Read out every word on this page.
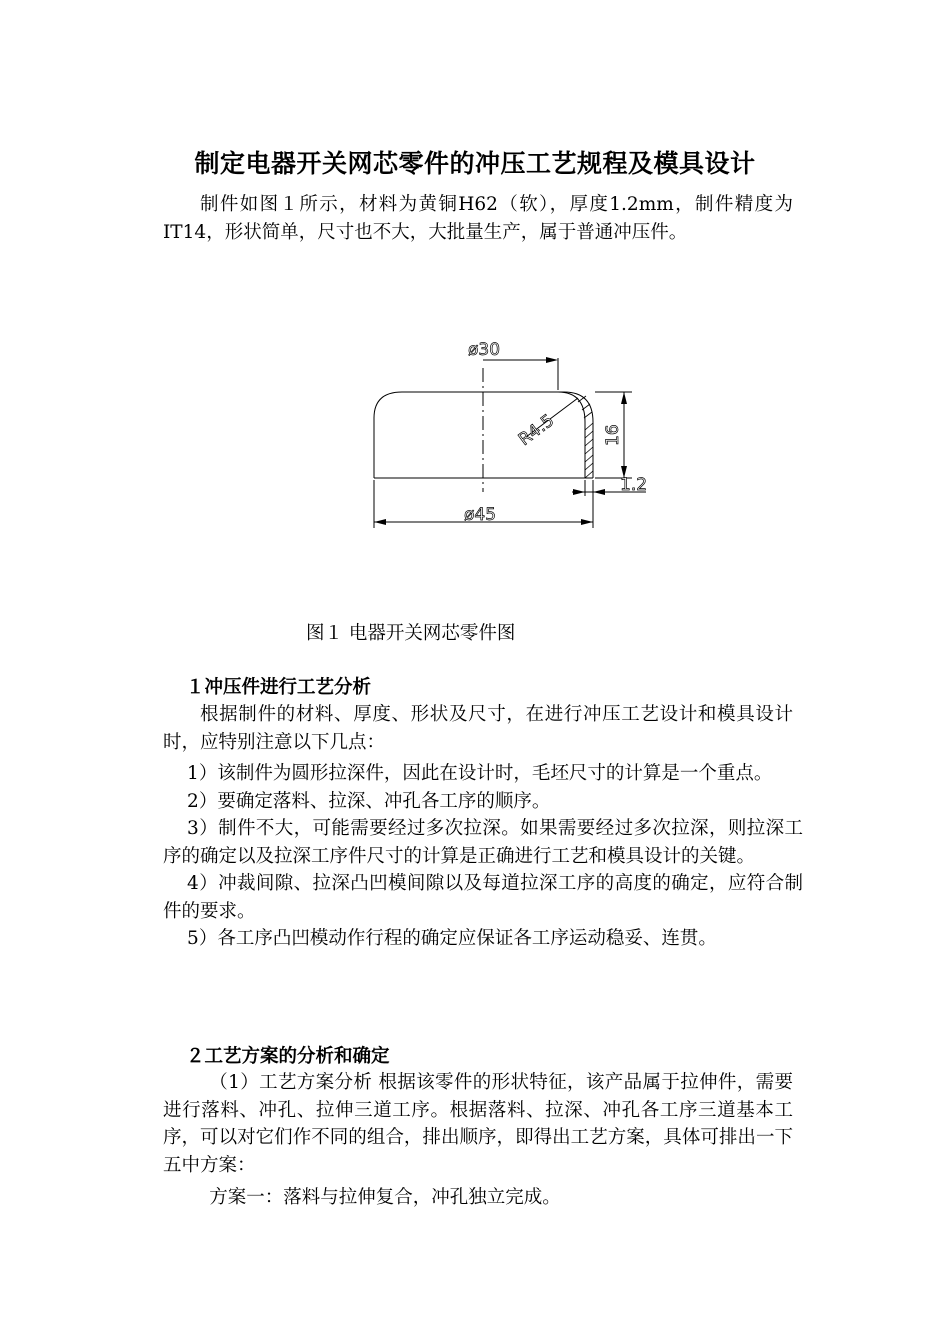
制定电器开关网芯零件的冲压工艺规程及模具设计

制件如图１所示，材料为黄铜H62（软），厚度1.2mm，制件精度为IT14，形状简单，尺寸也不大，大批量生产，属于普通冲压件。

ø30
R4.5	16
1.2
ø45
图１ 电器开关网芯零件图
１冲压件进行工艺分析

根据制件的材料、厚度、形状及尺寸，在进行冲压工艺设计和模具设计时，应特别注意以下几点：

1）该制件为圆形拉深件，因此在设计时，毛坯尺寸的计算是一个重点。
2）要确定落料、拉深、冲孔各工序的顺序。
3）制件不大，可能需要经过多次拉深。如果需要经过多次拉深，则拉深工序的确定以及拉深工序件尺寸的计算是正确进行工艺和模具设计的关键。
4）冲裁间隙、拉深凸凹模间隙以及每道拉深工序的高度的确定，应符合制件的要求。
5）各工序凸凹模动作行程的确定应保证各工序运动稳妥、连贯。
２工艺方案的分析和确定

（1）工艺方案分析 根据该零件的形状特征，该产品属于拉伸件，需要进行落料、冲孔、拉伸三道工序。根据落料、拉深、冲孔各工序三道基本工序，可以对它们作不同的组合，排出顺序，即得出工艺方案，具体可排出一下五中方案：

方案一：落料与拉伸复合，冲孔独立完成。
